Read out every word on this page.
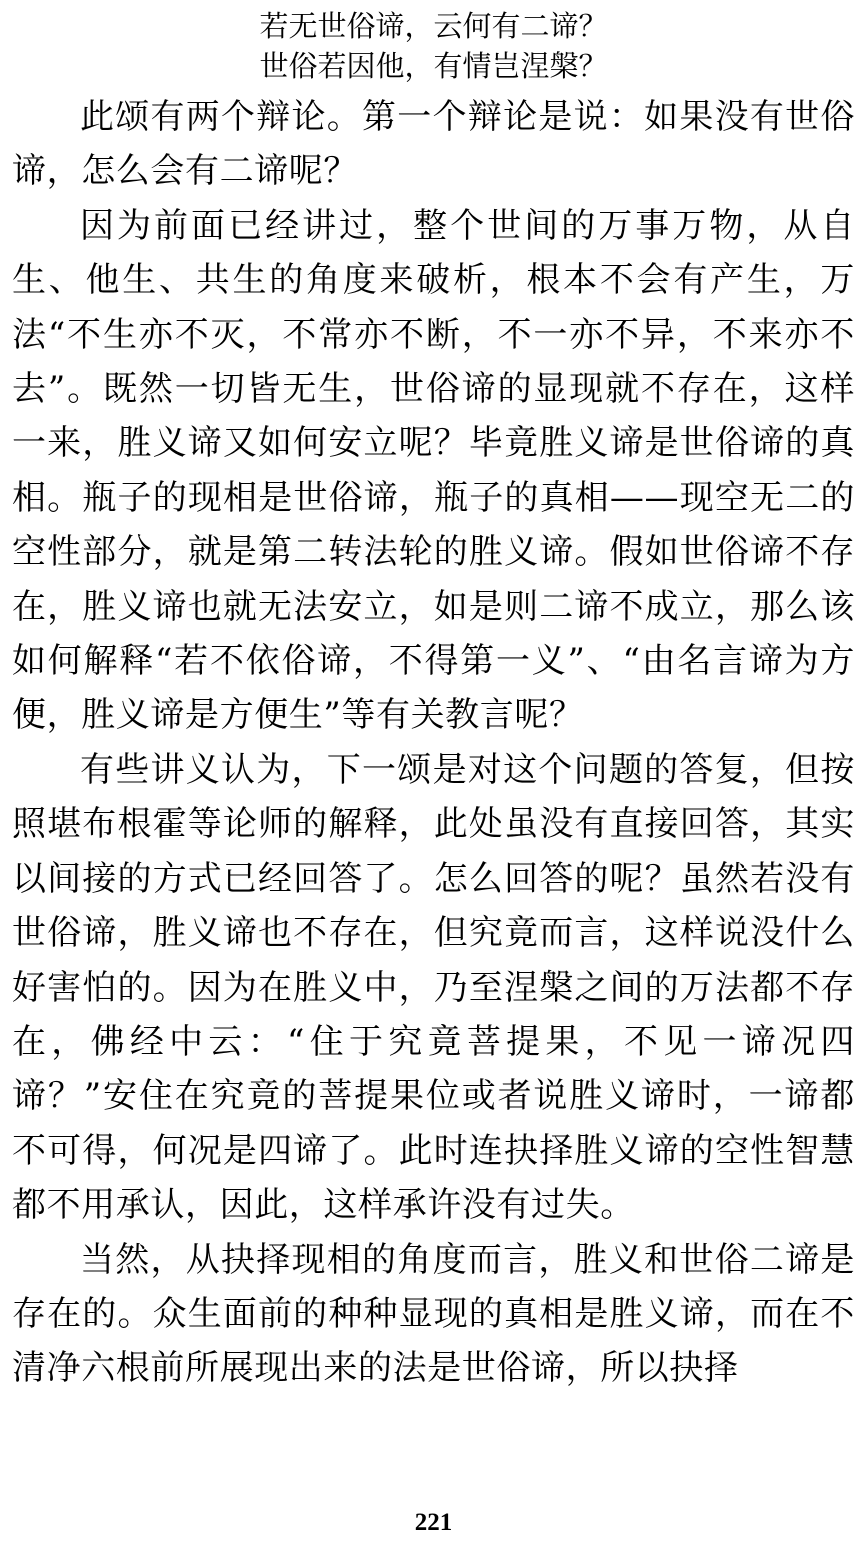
若无世俗谛，云何有二谛？

世俗若因他，有情岂涅槃？

此颂有两个辩论。第一个辩论是说：如果没有世俗谛，怎么会有二谛呢？

因为前面已经讲过，整个世间的万事万物，从自生、他生、共生的角度来破析，根本不会有产生，万法“不生亦不灭，不常亦不断，不一亦不异，不来亦不去”。既然一切皆无生，世俗谛的显现就不存在，这样一来，胜义谛又如何安立呢？毕竟胜义谛是世俗谛的真相。瓶子的现相是世俗谛，瓶子的真相——现空无二的空性部分，就是第二转法轮的胜义谛。假如世俗谛不存在，胜义谛也就无法安立，如是则二谛不成立，那么该如何解释“若不依俗谛，不得第一义”、“由名言谛为方便，胜义谛是方便生”等有关教言呢？

有些讲义认为，下一颂是对这个问题的答复，但按照堪布根霍等论师的解释，此处虽没有直接回答，其实以间接的方式已经回答了。怎么回答的呢？虽然若没有世俗谛，胜义谛也不存在，但究竟而言，这样说没什么好害怕的。因为在胜义中，乃至涅槃之间的万法都不存在，佛经中云：“住于究竟菩提果，不见一谛况四谛？”安住在究竟的菩提果位或者说胜义谛时，一谛都不可得，何况是四谛了。此时连抉择胜义谛的空性智慧都不用承认，因此，这样承许没有过失。

当然，从抉择现相的角度而言，胜义和世俗二谛是存在的。众生面前的种种显现的真相是胜义谛，而在不清净六根前所展现出来的法是世俗谛，所以抉择

221
